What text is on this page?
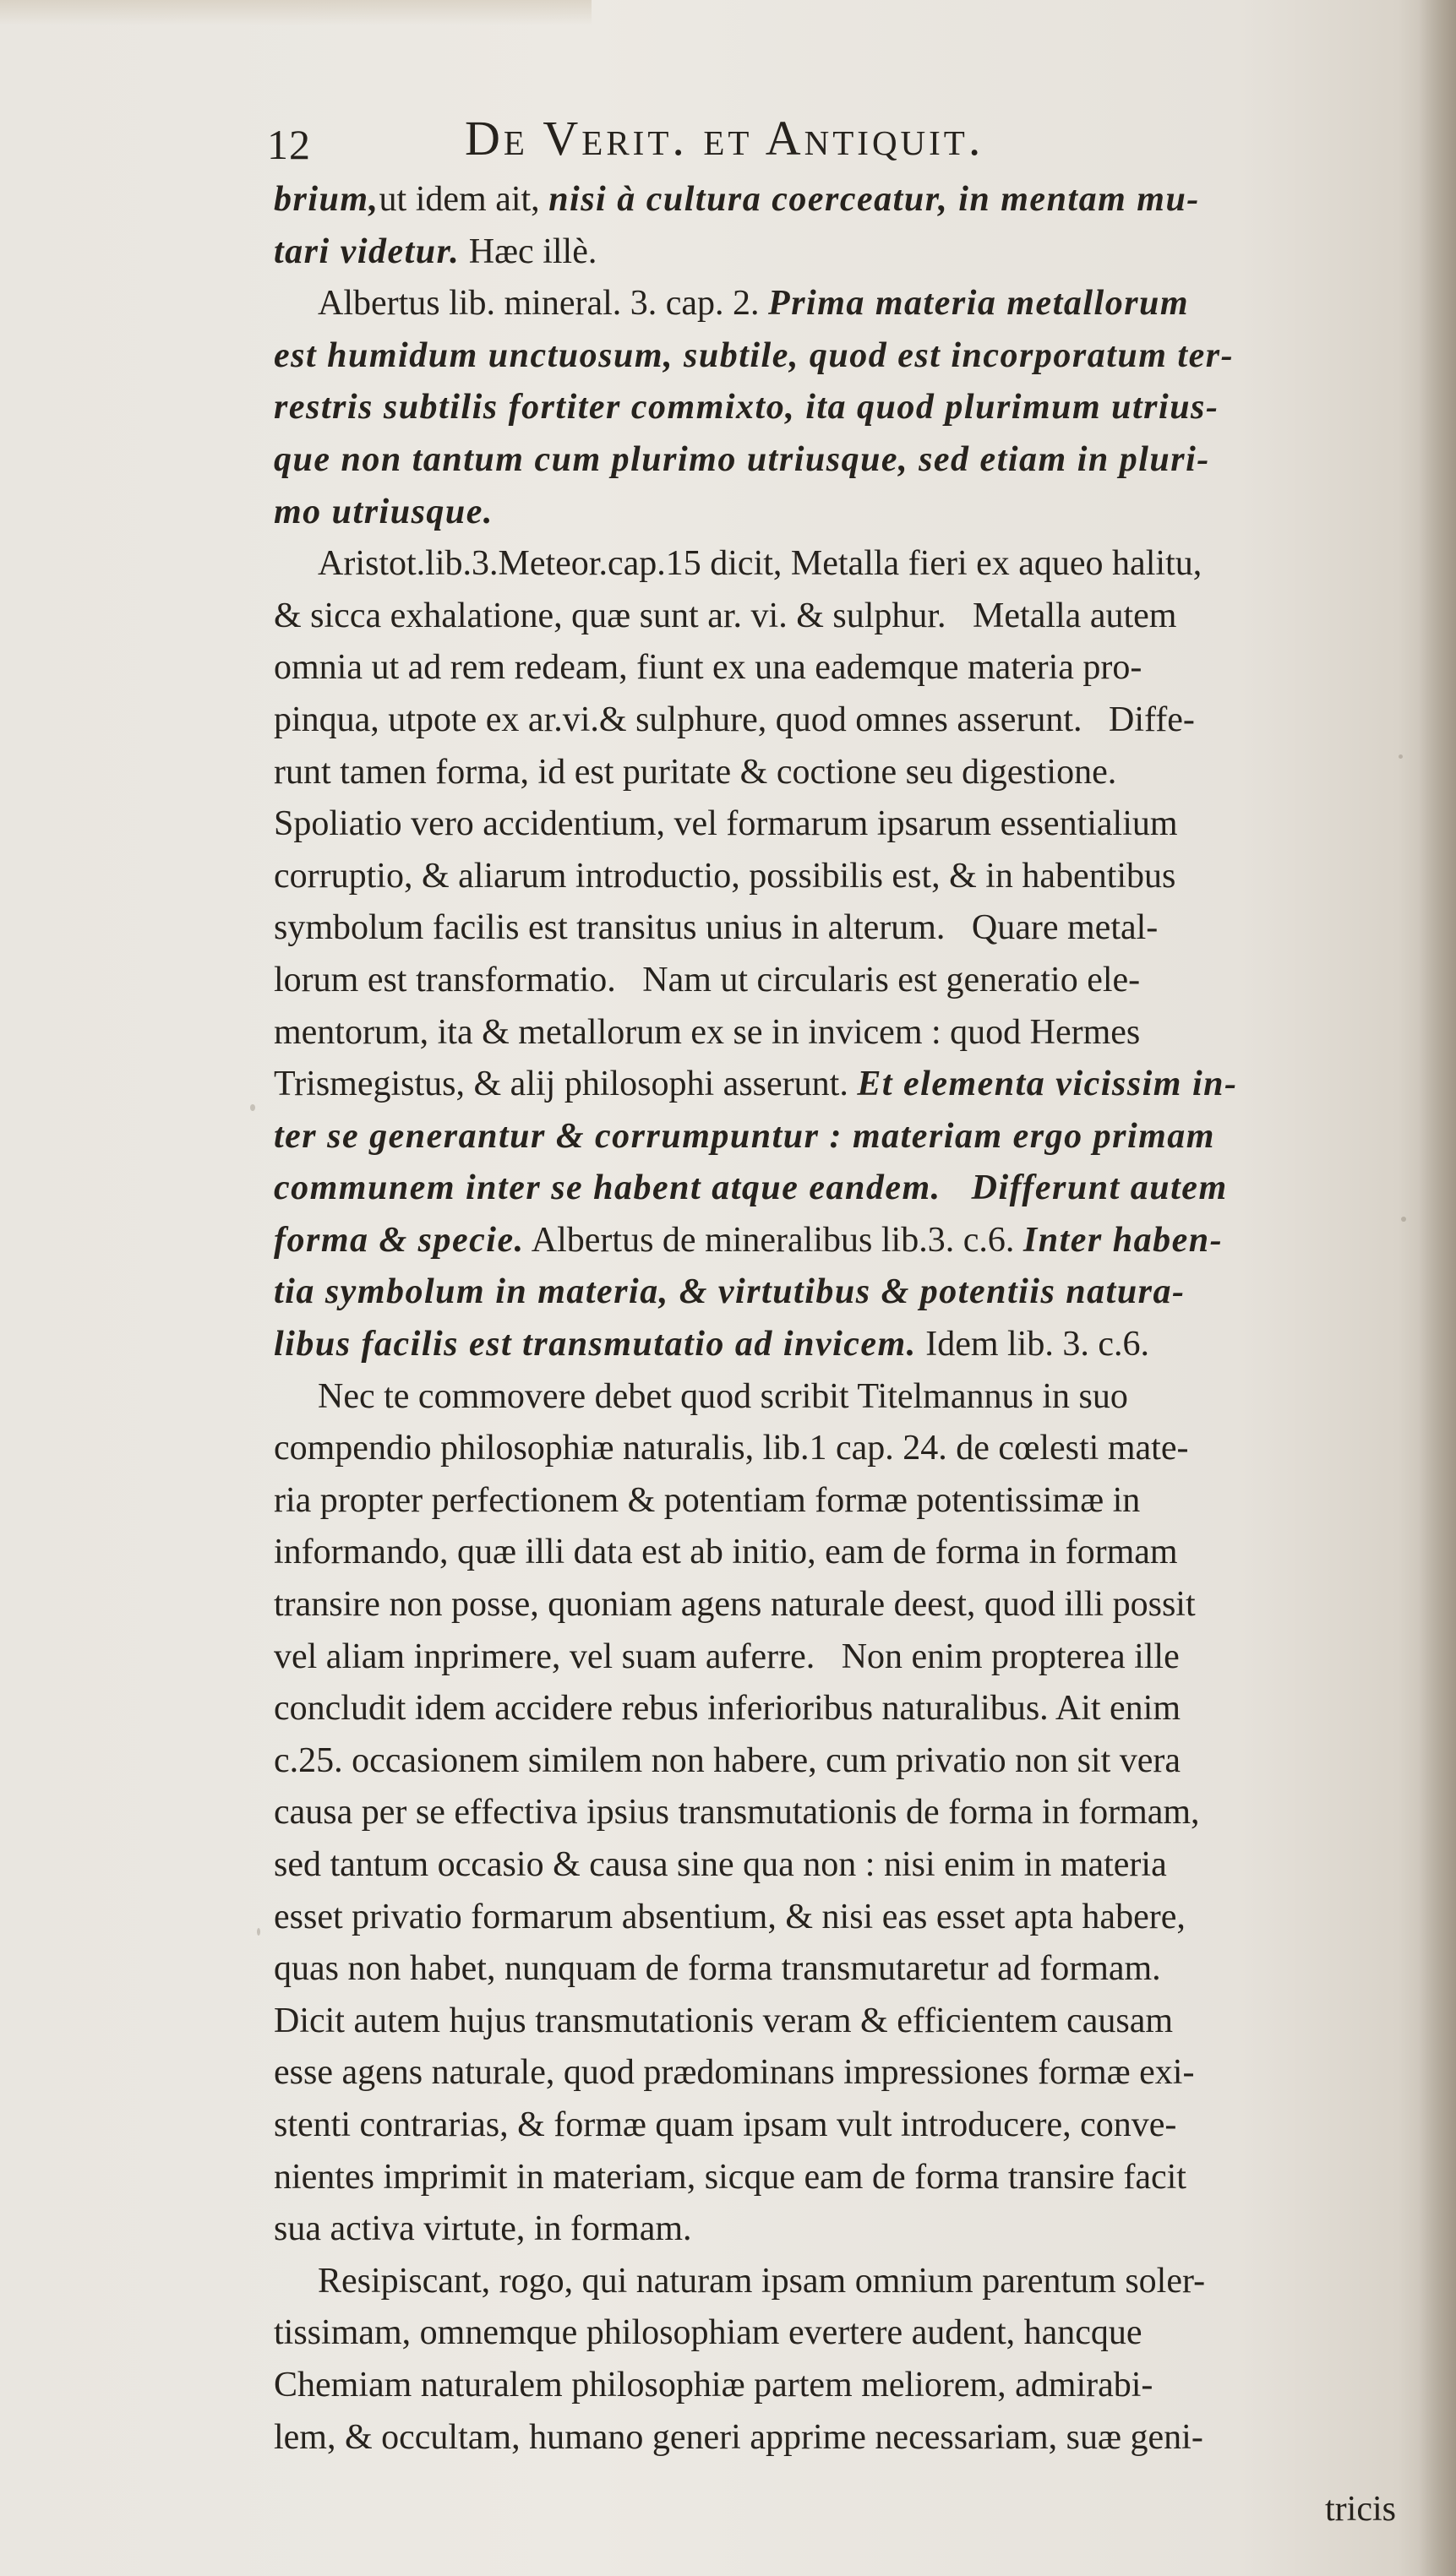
12	De Verit. et Antiquit.
brium,ut idem ait, nisi à cultura coerceatur, in mentam mu-
tari videtur. Hæc illè.
Albertus lib. mineral. 3. cap. 2. Prima materia metallorum
est humidum unctuosum, subtile, quod est incorporatum ter-
restris subtilis fortiter commixto, ita quod plurimum utrius-
que non tantum cum plurimo utriusque, sed etiam in pluri-
mo utriusque.
Aristot.lib.3.Meteor.cap.15 dicit, Metalla fieri ex aqueo halitu,
& sicca exhalatione, quæ sunt ar. vi. & sulphur.   Metalla autem
omnia ut ad rem redeam, fiunt ex una eademque materia pro-
pinqua, utpote ex ar.vi.& sulphure, quod omnes asserunt.   Diffe-
runt tamen forma, id est puritate & coctione seu digestione.
Spoliatio vero accidentium, vel formarum ipsarum essentialium
corruptio, & aliarum introductio, possibilis est, & in habentibus
symbolum facilis est transitus unius in alterum.   Quare metal-
lorum est transformatio.   Nam ut circularis est generatio ele-
mentorum, ita & metallorum ex se in invicem : quod Hermes
Trismegistus, & alij philosophi asserunt. Et elementa vicissim in-
ter se generantur & corrumpuntur : materiam ergo primam
communem inter se habent atque eandem.   Differunt autem
forma & specie. Albertus de mineralibus lib.3. c.6. Inter haben-
tia symbolum in materia, & virtutibus & potentiis natura-
libus facilis est transmutatio ad invicem. Idem lib. 3. c.6.
Nec te commovere debet quod scribit Titelmannus in suo
compendio philosophiæ naturalis, lib.1 cap. 24. de cœlesti mate-
ria propter perfectionem & potentiam formæ potentissimæ in
informando, quæ illi data est ab initio, eam de forma in formam
transire non posse, quoniam agens naturale deest, quod illi possit
vel aliam inprimere, vel suam auferre.   Non enim propterea ille
concludit idem accidere rebus inferioribus naturalibus. Ait enim
c.25. occasionem similem non habere, cum privatio non sit vera
causa per se effectiva ipsius transmutationis de forma in formam,
sed tantum occasio & causa sine qua non : nisi enim in materia
esset privatio formarum absentium, & nisi eas esset apta habere,
quas non habet, nunquam de forma transmutaretur ad formam.
Dicit autem hujus transmutationis veram & efficientem causam
esse agens naturale, quod prædominans impressiones formæ exi-
stenti contrarias, & formæ quam ipsam vult introducere, conve-
nientes imprimit in materiam, sicque eam de forma transire facit
sua activa virtute, in formam.
Resipiscant, rogo, qui naturam ipsam omnium parentum soler-
tissimam, omnemque philosophiam evertere audent, hancque
Chemiam naturalem philosophiæ partem meliorem, admirabi-
lem, & occultam, humano generi apprime necessariam, suæ geni-
tricis
